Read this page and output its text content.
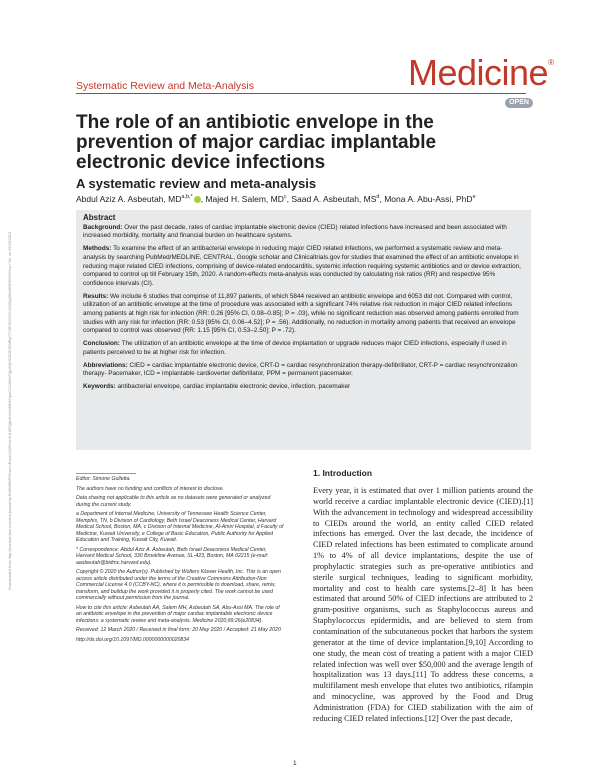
Systematic Review and Meta-Analysis	Medicine®
OPEN
The role of an antibiotic envelope in the prevention of major cardiac implantable electronic device infections
A systematic review and meta-analysis
Abdul Aziz A. Asbeutah, $MD^{a,b,*}$ , Majed H. Salem, $MD^c$, Saad A. Asbeutah, $MS^d$, Mona A. Abu-Assi, PhD$^e$

Abstract

Background: Over the past decade, rates of cardiac implantable electronic device (CIED) related infections have increased and been associated with increased morbidity, mortality and financial burden on healthcare systems.

Methods: To examine the effect of an antibacterial envelope in reducing major CIED related infections, we performed a systematic review and meta-analysis by searching PubMed/MEDLINE, CENTRAL, Google scholar and Clinicaltrials.gov for studies that examined the effect of an antibiotic envelope in reducing major related CIED infections, comprising of device-related endocarditis, systemic infection requiring systemic antibiotics and or device extraction, compared to control up till February 15th, 2020. A random-effects meta-analysis was conducted by calculating risk ratios (RR) and respective 95% confidence intervals (CI).

Results: We include 6 studies that comprise of 11,897 patients, of which 5844 received an antibiotic envelope and 6053 did not. Compared with control, utilization of an antibiotic envelope at the time of procedure was associated with a significant 74% relative risk reduction in major CIED related infections among patients at high risk for infection (RR: 0.26 [95% CI, 0.08–0.85]; P = .03), while no significant reduction was observed among patients enrolled from studies with any risk for infection (RR: 0.53 [95% CI, 0.06–4.52]; P = .56). Additionally, no reduction in mortality among patients that received an envelope compared to control was observed (RR: 1.15 [95% CI, 0.53–2.50]; P = .72).

Conclusion: The utilization of an antibiotic envelope at the time of device implantation or upgrade reduces major CIED infections, especially if used in patients perceived to be at higher risk for infection.

Abbreviations: CIED = cardiac implantable electronic device, CRT-D = cardiac resynchronization therapy-defibrillator, CRT-P = cardiac resynchronization therapy- Pacemaker, ICD = implantable cardioverter defibrillator, PPM = permanent pacemaker.

Keywords: antibacterial envelope, cardiac implantable electronic device, infection, pacemaker

Downloaded from http://journals.lww.com/md-journal by BhDMf5ePHKav1zEoum1tQfN4a+kJLhEZgbsIHo4XMi0hCywCX1AWnYQp/IlQrHD3i3D0OdRyi7TvSFl4Cf3VC4/OAVpDDa8KKGKV0Ymy+78= on 09/26/2023	Editor: Simone Gulletta.

The authors have no funding and conflicts of interest to disclose.

Data sharing not applicable to this article as no datasets were generated or analyzed during the current study.

a Department of Internal Medicine, University of Tennessee Health Science Center, Memphis, TN, b Division of Cardiology, Beth Israel Deaconess Medical Center, Harvard Medical School, Boston, MA, c Division of Internal Medicine, Al-Amiri Hospital, d Faculty of Medicine, Kuwait University, e College of Basic Education, Public Authority for Applied Education and Training, Kuwait City, Kuwait.

* Correspondence: Abdul Aziz A. Asbeutah, Beth Israel Deaconess Medical Center, Harvard Medical School, 330 Brookline Avenue, SL-423, Boston, MA 02215 (e-mail: aasbeutah@bidmc.harvard.edu).

Copyright © 2020 the Author(s). Published by Wolters Kluwer Health, Inc. This is an open access article distributed under the terms of the Creative Commons Attribution-Non Commercial License 4.0 (CCBY-NC), where it is permissible to download, share, remix, transform, and buildup the work provided it is properly cited. The work cannot be used commercially without permission from the journal.

How to cite this article: Asbeutah AA, Salem MH, Asbeutah SA, Abu-Assi MA. The role of an antibiotic envelope in the prevention of major cardiac implantable electronic device infections: a systematic review and meta-analysis. Medicine 2020;99:26(e20834).

Received: 12 March 2020 / Received in final form: 20 May 2020 / Accepted: 21 May 2020

http://dx.doi.org/10.1097/MD.0000000000020834

1. Introduction
Every year, it is estimated that over 1 million patients around the world receive a cardiac implantable electronic device (CIED).[1] With the advancement in technology and widespread accessibility to CIEDs around the world, an entity called CIED related infections has emerged. Over the last decade, the incidence of CIED related infections has been estimated to complicate around 1% to 4% of all device implantations, despite the use of prophylactic strategies such as pre-operative antibiotics and sterile surgical techniques, leading to significant morbidity, mortality and cost to health care systems.[2–8] It has been estimated that around 50% of CIED infections are attributed to 2 gram-positive organisms, such as Staphylococcus aureus and Staphylococcus epidermidis, and are believed to stem from contamination of the subcutaneous pocket that harbors the system generator at the time of device implantation.[9,10] According to one study, the mean cost of treating a patient with a major CIED related infection was well over $50,000 and the average length of hospitalization was 13 days.[11] To address these concerns, a multifilament mesh envelope that elutes two antibiotics, rifampin and minocycline, was approved by the Food and Drug Administration (FDA) for CIED stabilization with the aim of reducing CIED related infections.[12] Over the past decade,
1
